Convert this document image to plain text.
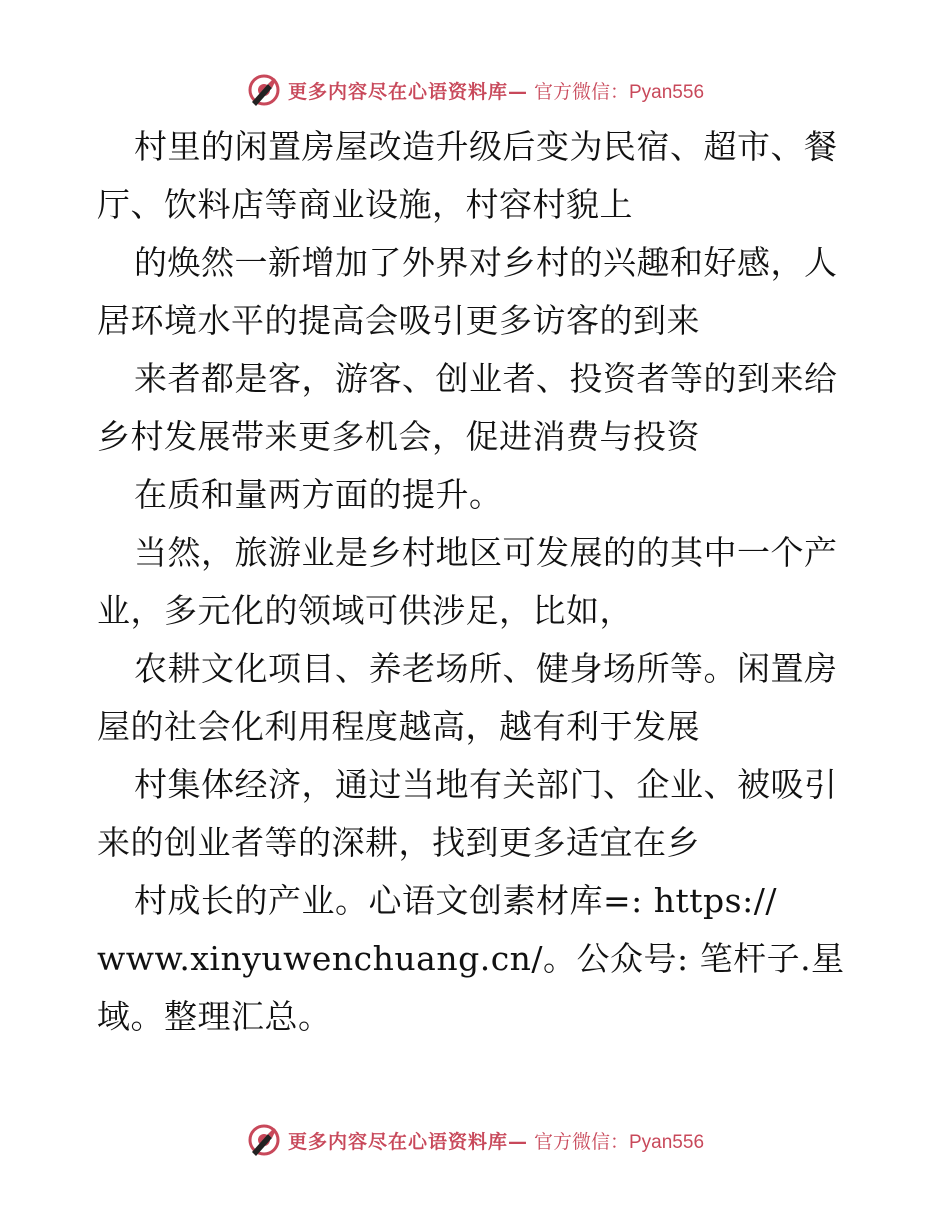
更多内容尽在心语资料库— 官方微信：Pyan556
村里的闲置房屋改造升级后变为民宿、超市、餐
厅、饮料店等商业设施，村容村貌上
的焕然一新增加了外界对乡村的兴趣和好感，人
居环境水平的提高会吸引更多访客的到来
来者都是客，游客、创业者、投资者等的到来给
乡村发展带来更多机会，促进消费与投资
在质和量两方面的提升。
当然，旅游业是乡村地区可发展的的其中一个产
业，多元化的领域可供涉足，比如，
农耕文化项目、养老场所、健身场所等。闲置房
屋的社会化利用程度越高，越有利于发展
村集体经济，通过当地有关部门、企业、被吸引
来的创业者等的深耕，找到更多适宜在乡
村成长的产业。心语文创素材库=: https://
www.xinyuwenchuang.cn/。公众号: 笔杆子.星
域。整理汇总。
更多内容尽在心语资料库— 官方微信：Pyan556
